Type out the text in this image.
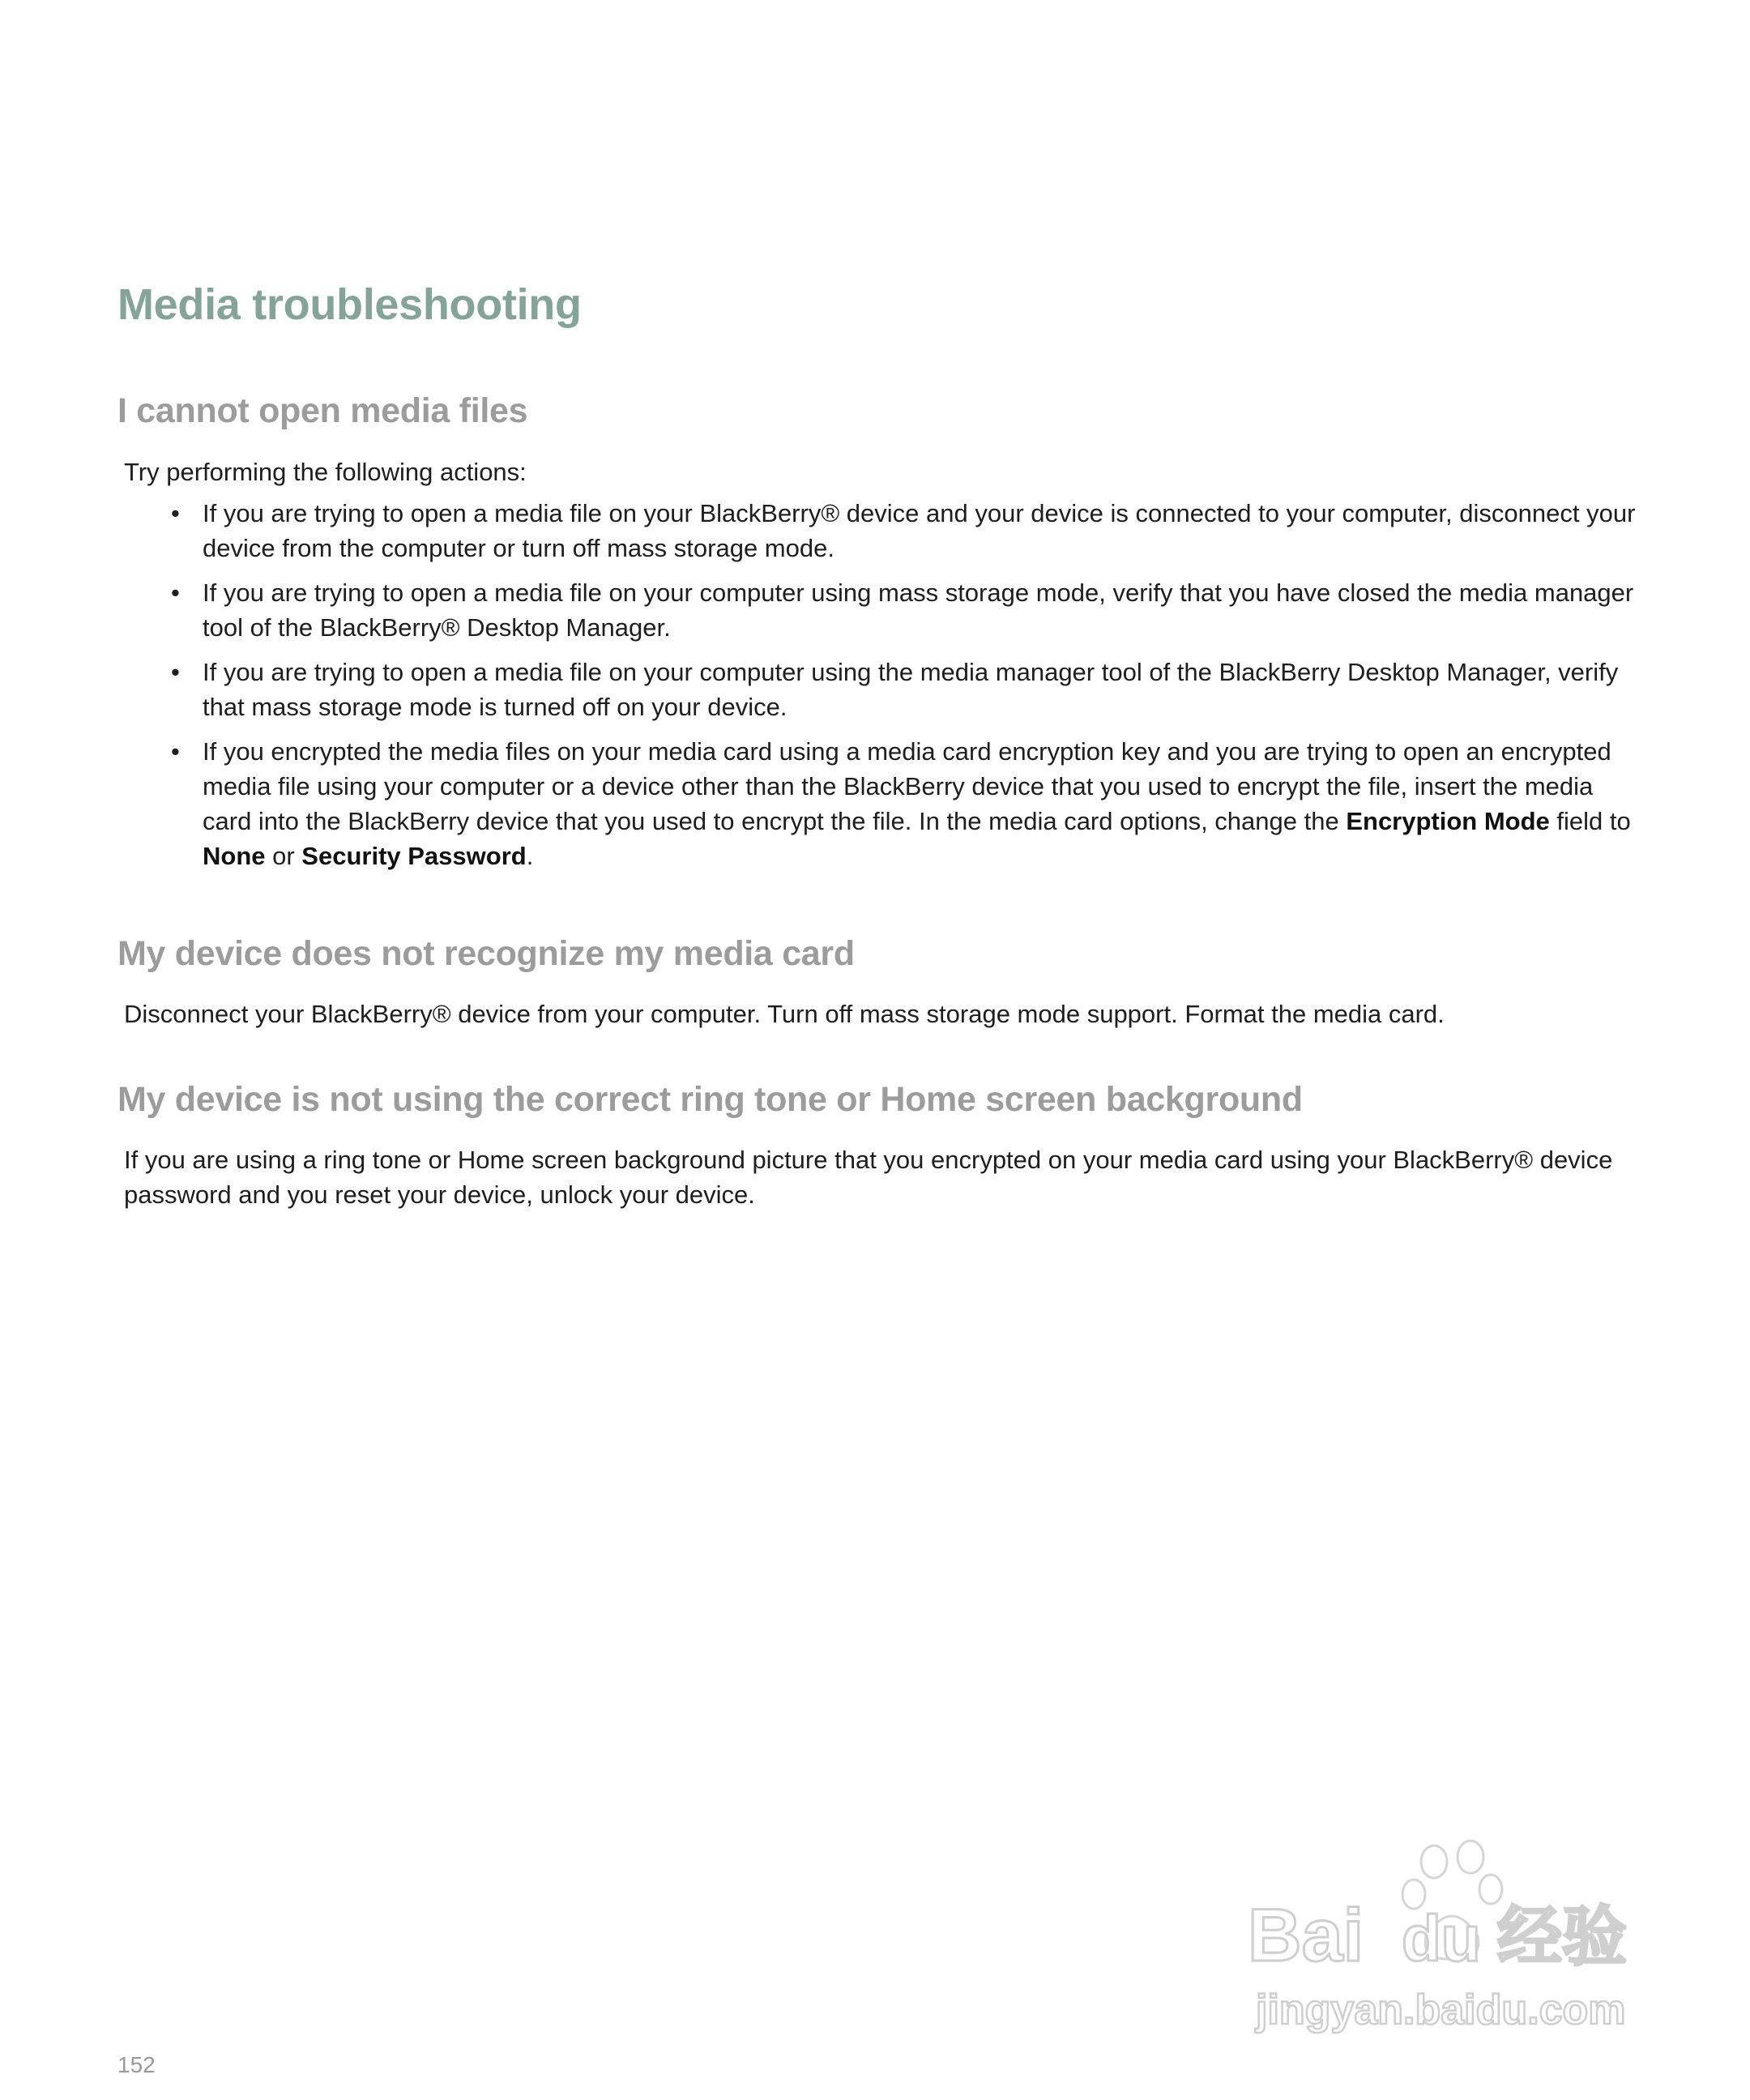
Media troubleshooting
I cannot open media files

Try performing the following actions:

• If you are trying to open a media file on your BlackBerry® device and your device is connected to your computer, disconnect your device from the computer or turn off mass storage mode.
• If you are trying to open a media file on your computer using mass storage mode, verify that you have closed the media manager tool of the BlackBerry® Desktop Manager.
• If you are trying to open a media file on your computer using the media manager tool of the BlackBerry Desktop Manager, verify that mass storage mode is turned off on your device.
• If you encrypted the media files on your media card using a media card encryption key and you are trying to open an encrypted media file using your computer or a device other than the BlackBerry device that you used to encrypt the file, insert the media card into the BlackBerry device that you used to encrypt the file. In the media card options, change the Encryption Mode field to None or Security Password.
My device does not recognize my media card

Disconnect your BlackBerry® device from your computer. Turn off mass storage mode support. Format the media card.

My device is not using the correct ring tone or Home screen background

If you are using a ring tone or Home screen background picture that you encrypted on your media card using your BlackBerry® device password and you reset your device, unlock your device.

152
Bai du 经验
jingyan.baidu.com
